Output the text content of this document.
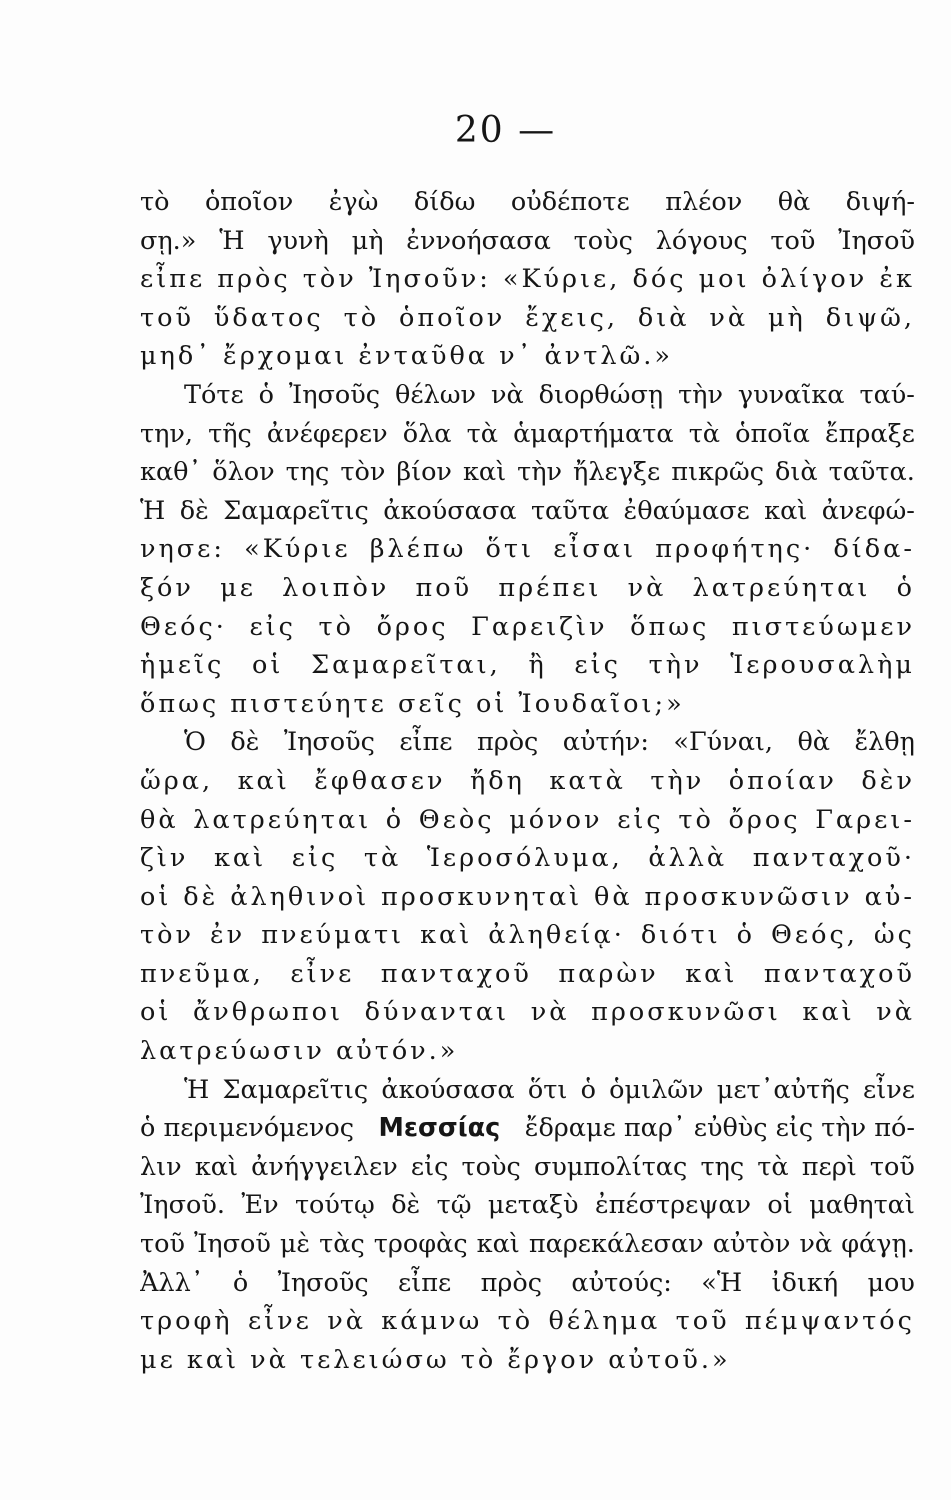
20 —
τὸ ὁποῖον ἐγὼ δίδω οὐδέποτε πλέον θὰ διψή-
σῃ.» Ἡ γυνὴ μὴ ἐννοήσασα τοὺς λόγους τοῦ Ἰησοῦ
εἶπε πρὸς τὸν Ἰησοῦν: «Κύριε, δός μοι ὀλίγον ἐκ
τοῦ ὕδατος τὸ ὁποῖον ἔχεις, διὰ νὰ μὴ διψῶ,
μηδ᾽ ἔρχομαι ἐνταῦθα ν᾽ ἀντλῶ.»
Τότε ὁ Ἰησοῦς θέλων νὰ διορθώσῃ τὴν γυναῖκα ταύ-
την, τῆς ἀνέφερεν ὅλα τὰ ἁμαρτήματα τὰ ὁποῖα ἔπραξε
καθ᾽ ὅλον της τὸν βίον καὶ τὴν ἤλεγξε πικρῶς διὰ ταῦτα.
Ἡ δὲ Σαμαρεῖτις ἀκούσασα ταῦτα ἐθαύμασε καὶ ἀνεφώ-
νησε: «Κύριε βλέπω ὅτι εἶσαι προφήτης· δίδα-
ξόν με λοιπὸν ποῦ πρέπει νὰ λατρεύηται ὁ
Θεός· εἰς τὸ ὄρος Γαρειζὶν ὅπως πιστεύωμεν
ἡμεῖς οἱ Σαμαρεῖται, ἢ εἰς τὴν Ἱερουσαλὴμ
ὅπως πιστεύητε σεῖς οἱ Ἰουδαῖοι;»
Ὁ δὲ Ἰησοῦς εἶπε πρὸς αὐτήν: «Γύναι, θὰ ἔλθῃ
ὥρα, καὶ ἔφθασεν ἤδη κατὰ τὴν ὁποίαν δὲν
θὰ λατρεύηται ὁ Θεὸς μόνον εἰς τὸ ὄρος Γαρει-
ζὶν καὶ εἰς τὰ Ἱεροσόλυμα, ἀλλὰ πανταχοῦ·
οἱ δὲ ἀληθινοὶ προσκυνηταὶ θὰ προσκυνῶσιν αὐ-
τὸν ἐν πνεύματι καὶ ἀληθείᾳ· διότι ὁ Θεός, ὡς
πνεῦμα, εἶνε πανταχοῦ παρὼν καὶ πανταχοῦ
οἱ ἄνθρωποι δύνανται νὰ προσκυνῶσι καὶ νὰ
λατρεύωσιν αὐτόν.»
Ἡ Σαμαρεῖτις ἀκούσασα ὅτι ὁ ὁμιλῶν μετ᾽αὐτῆς εἶνε
ὁ περιμενόμενος Μεσσίας ἔδραμε παρ᾽ εὐθὺς εἰς τὴν πό-
λιν καὶ ἀνήγγειλεν εἰς τοὺς συμπολίτας της τὰ περὶ τοῦ
Ἰησοῦ. Ἐν τούτῳ δὲ τῷ μεταξὺ ἐπέστρεψαν οἱ μαθηταὶ
τοῦ Ἰησοῦ μὲ τὰς τροφὰς καὶ παρεκάλεσαν αὐτὸν νὰ φάγῃ.
Ἀλλ᾽ ὁ Ἰησοῦς εἶπε πρὸς αὐτούς: «Ἡ ἰδική μου
τροφὴ εἶνε νὰ κάμνω τὸ θέλημα τοῦ πέμψαντός
με καὶ νὰ τελειώσω τὸ ἔργον αὐτοῦ.»
